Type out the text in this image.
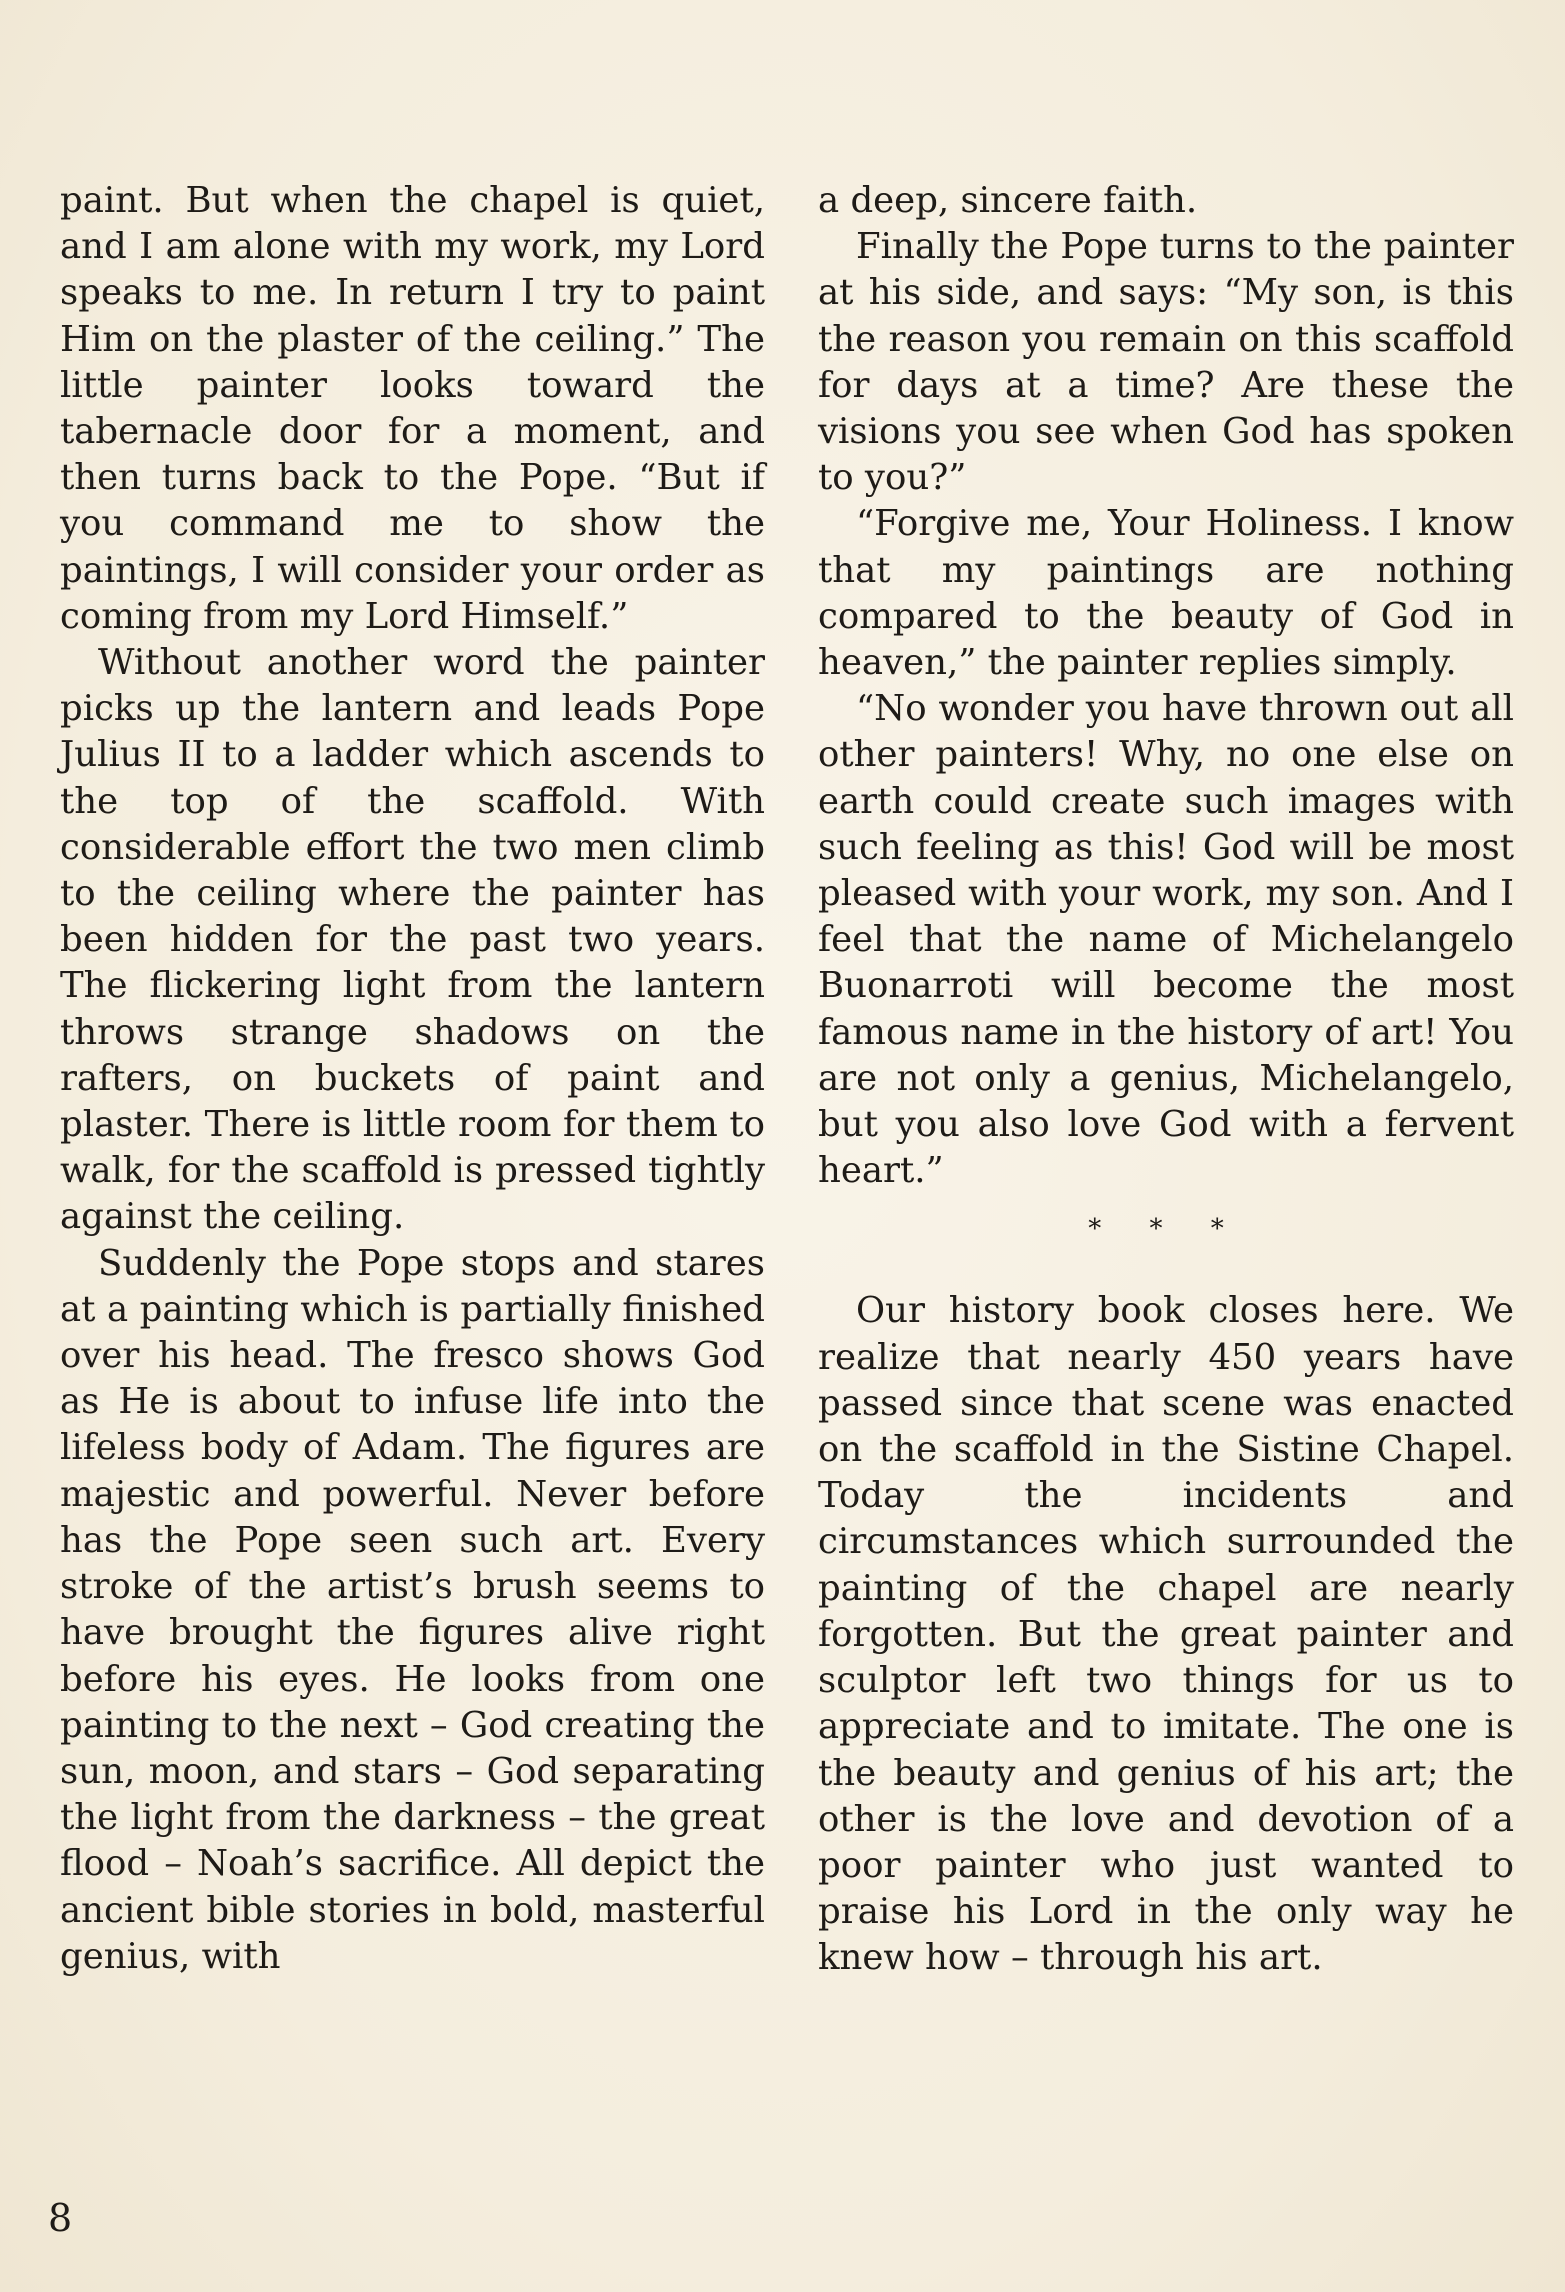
paint. But when the chapel is quiet, and I am alone with my work, my Lord speaks to me. In return I try to paint Him on the plaster of the ceiling.” The little painter looks toward the tabernacle door for a moment, and then turns back to the Pope. “But if you command me to show the paintings, I will consider your order as coming from my Lord Himself.”

Without another word the painter picks up the lantern and leads Pope Julius II to a ladder which ascends to the top of the scaffold. With considerable effort the two men climb to the ceiling where the painter has been hidden for the past two years. The flickering light from the lantern throws strange shadows on the rafters, on buckets of paint and plaster. There is little room for them to walk, for the scaffold is pressed tightly against the ceiling.

Suddenly the Pope stops and stares at a painting which is partially finished over his head. The fresco shows God as He is about to infuse life into the lifeless body of Adam. The figures are majestic and powerful. Never before has the Pope seen such art. Every stroke of the artist’s brush seems to have brought the figures alive right before his eyes. He looks from one painting to the next – God creating the sun, moon, and stars – God separating the light from the darkness – the great flood – Noah’s sacrifice. All depict the ancient bible stories in bold, masterful genius, with

a deep, sincere faith.

Finally the Pope turns to the painter at his side, and says: “My son, is this the reason you remain on this scaffold for days at a time? Are these the visions you see when God has spoken to you?”

“Forgive me, Your Holiness. I know that my paintings are nothing compared to the beauty of God in heaven,” the painter replies simply.

“No wonder you have thrown out all other painters! Why, no one else on earth could create such images with such feeling as this! God will be most pleased with your work, my son. And I feel that the name of Michelangelo Buonarroti will become the most famous name in the history of art! You are not only a genius, Michelangelo, but you also love God with a fervent heart.”

* * *

Our history book closes here. We realize that nearly 450 years have passed since that scene was enacted on the scaffold in the Sistine Chapel. Today the incidents and circumstances which surrounded the painting of the chapel are nearly forgotten. But the great painter and sculptor left two things for us to appreciate and to imitate. The one is the beauty and genius of his art; the other is the love and devotion of a poor painter who just wanted to praise his Lord in the only way he knew how – through his art.

8
